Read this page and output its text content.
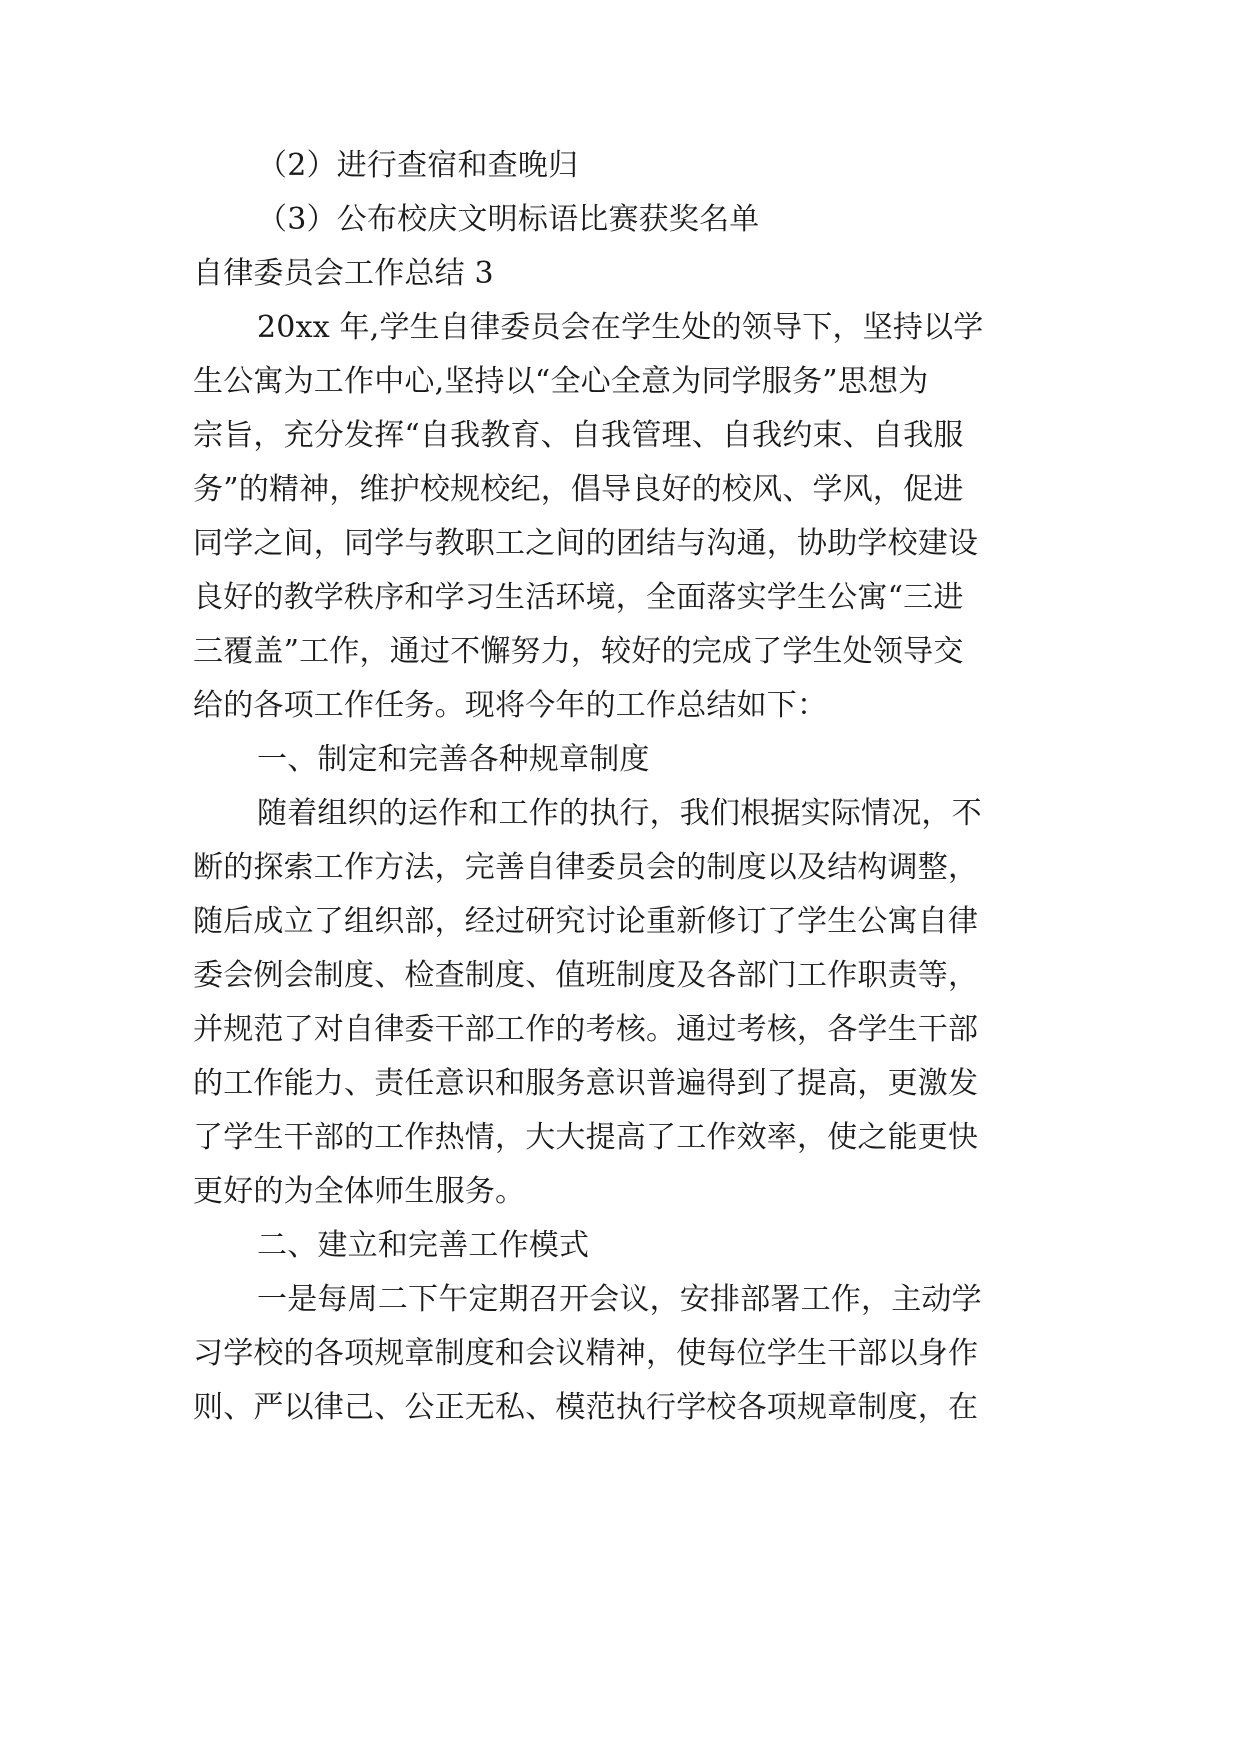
（2）进行查宿和查晚归
（3）公布校庆文明标语比赛获奖名单
自律委员会工作总结 3
20xx 年,学生自律委员会在学生处的领导下，坚持以学
生公寓为工作中心,坚持以“全心全意为同学服务”思想为
宗旨，充分发挥“自我教育、自我管理、自我约束、自我服
务”的精神，维护校规校纪，倡导良好的校风、学风，促进
同学之间，同学与教职工之间的团结与沟通，协助学校建设
良好的教学秩序和学习生活环境，全面落实学生公寓“三进
三覆盖”工作，通过不懈努力，较好的完成了学生处领导交
给的各项工作任务。现将今年的工作总结如下：
一、制定和完善各种规章制度
随着组织的运作和工作的执行，我们根据实际情况，不
断的探索工作方法，完善自律委员会的制度以及结构调整，
随后成立了组织部，经过研究讨论重新修订了学生公寓自律
委会例会制度、检查制度、值班制度及各部门工作职责等，
并规范了对自律委干部工作的考核。通过考核，各学生干部
的工作能力、责任意识和服务意识普遍得到了提高，更激发
了学生干部的工作热情，大大提高了工作效率，使之能更快
更好的为全体师生服务。
二、建立和完善工作模式
一是每周二下午定期召开会议，安排部署工作，主动学
习学校的各项规章制度和会议精神，使每位学生干部以身作
则、严以律己、公正无私、模范执行学校各项规章制度，在
